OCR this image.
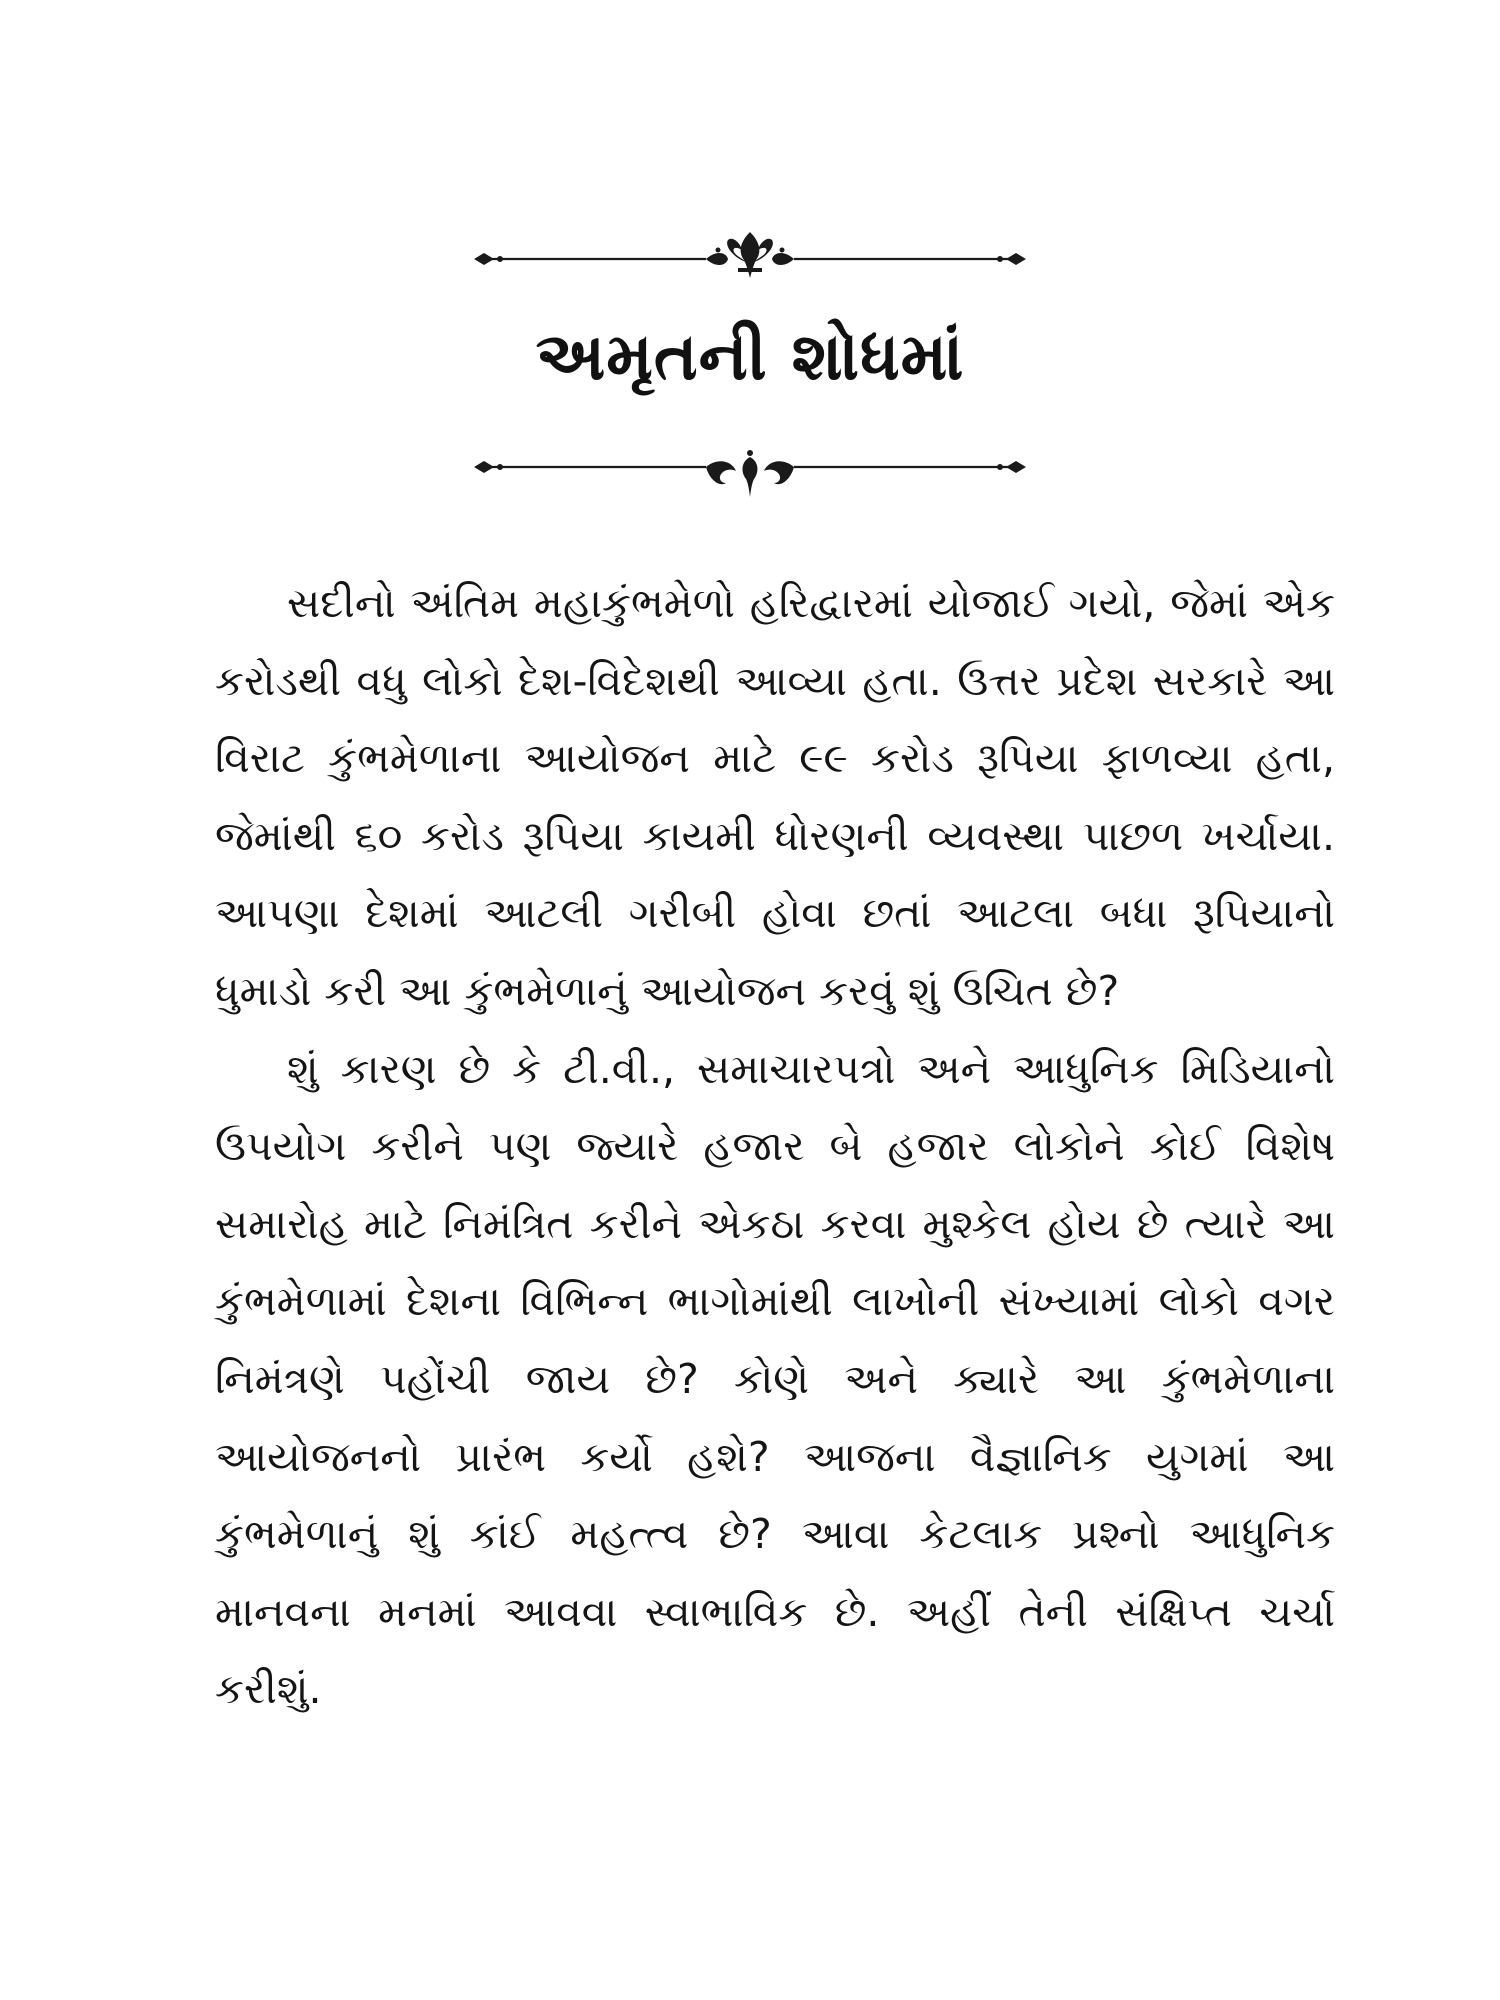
અમૃતની શોધમાં

સદીનો અંતિમ મહાકુંભમેળો હરિદ્વારમાં યોજાઈ ગયો, જેમાં એક કરોડથી વધુ લોકો દેશ-વિદેશથી આવ્યા હતા. ઉત્તર પ્રદેશ સરકારે આ વિરાટ કુંભમેળાના આયોજન માટે ૯૯ કરોડ રૂપિયા ફાળવ્યા હતા, જેમાંથી ૬૦ કરોડ રૂપિયા કાયમી ધોરણની વ્યવસ્થા પાછળ ખર્ચાયા. આપણા દેશમાં આટલી ગરીબી હોવા છતાં આટલા બધા રૂપિયાનો ધુમાડો કરી આ કુંભમેળાનું આયોજન કરવું શું ઉચિત છે?

શું કારણ છે કે ટી.વી., સમાચારપત્રો અને આધુનિક મિડિયાનો ઉપયોગ કરીને પણ જ્યારે હજાર બે હજાર લોકોને કોઈ વિશેષ સમારોહ માટે નિમંત્રિત કરીને એકઠા કરવા મુશ્કેલ હોય છે ત્યારે આ કુંભમેળામાં દેશના વિભિન્ન ભાગોમાંથી લાખોની સંખ્યામાં લોકો વગર નિમંત્રણે પહોંચી જાય છે? કોણે અને ક્યારે આ કુંભમેળાના આયોજનનો પ્રારંભ કર્યો હશે? આજના વૈજ્ઞાનિક યુગમાં આ કુંભમેળાનું શું કાંઈ મહત્ત્વ છે? આવા કેટલાક પ્રશ્નો આધુનિક માનવના મનમાં આવવા સ્વાભાવિક છે. અહીં તેની સંક્ષિપ્ત ચર્ચા કરીશું.
